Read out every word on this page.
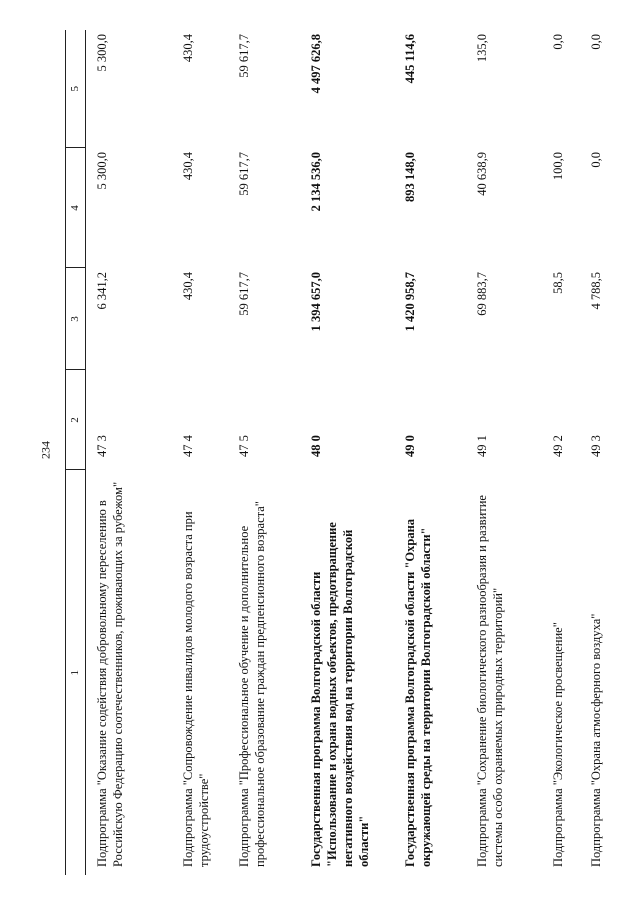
234
1	2	3	4	5
Подпрограмма "Оказание содействия добровольному переселению в Российскую Федерацию соотечественников, проживающих за рубежом"	47 3	6 341,2	5 300,0	5 300,0
Подпрограмма "Сопровождение инвалидов молодого возраста при трудоустройстве"	47 4	430,4	430,4	430,4
Подпрограмма "Профессиональное обучение и дополнительное профессиональное образование граждан предпенсионного возраста"	47 5	59 617,7	59 617,7	59 617,7
Государственная программа Волгоградской области "Использование и охрана водных объектов, предотвращение негативного воздействия вод на территории Волгоградской области"	48 0	1 394 657,0	2 134 536,0	4 497 626,8
Государственная программа Волгоградской области "Охрана окружающей среды на территории Волгоградской области"	49 0	1 420 958,7	893 148,0	445 114,6
Подпрограмма "Сохранение биологического разнообразия и развитие системы особо охраняемых природных территорий"	49 1	69 883,7	40 638,9	135,0
Подпрограмма "Экологическое просвещение"	49 2	58,5	100,0	0,0
Подпрограмма "Охрана атмосферного воздуха"	49 3	4 788,5	0,0	0,0
